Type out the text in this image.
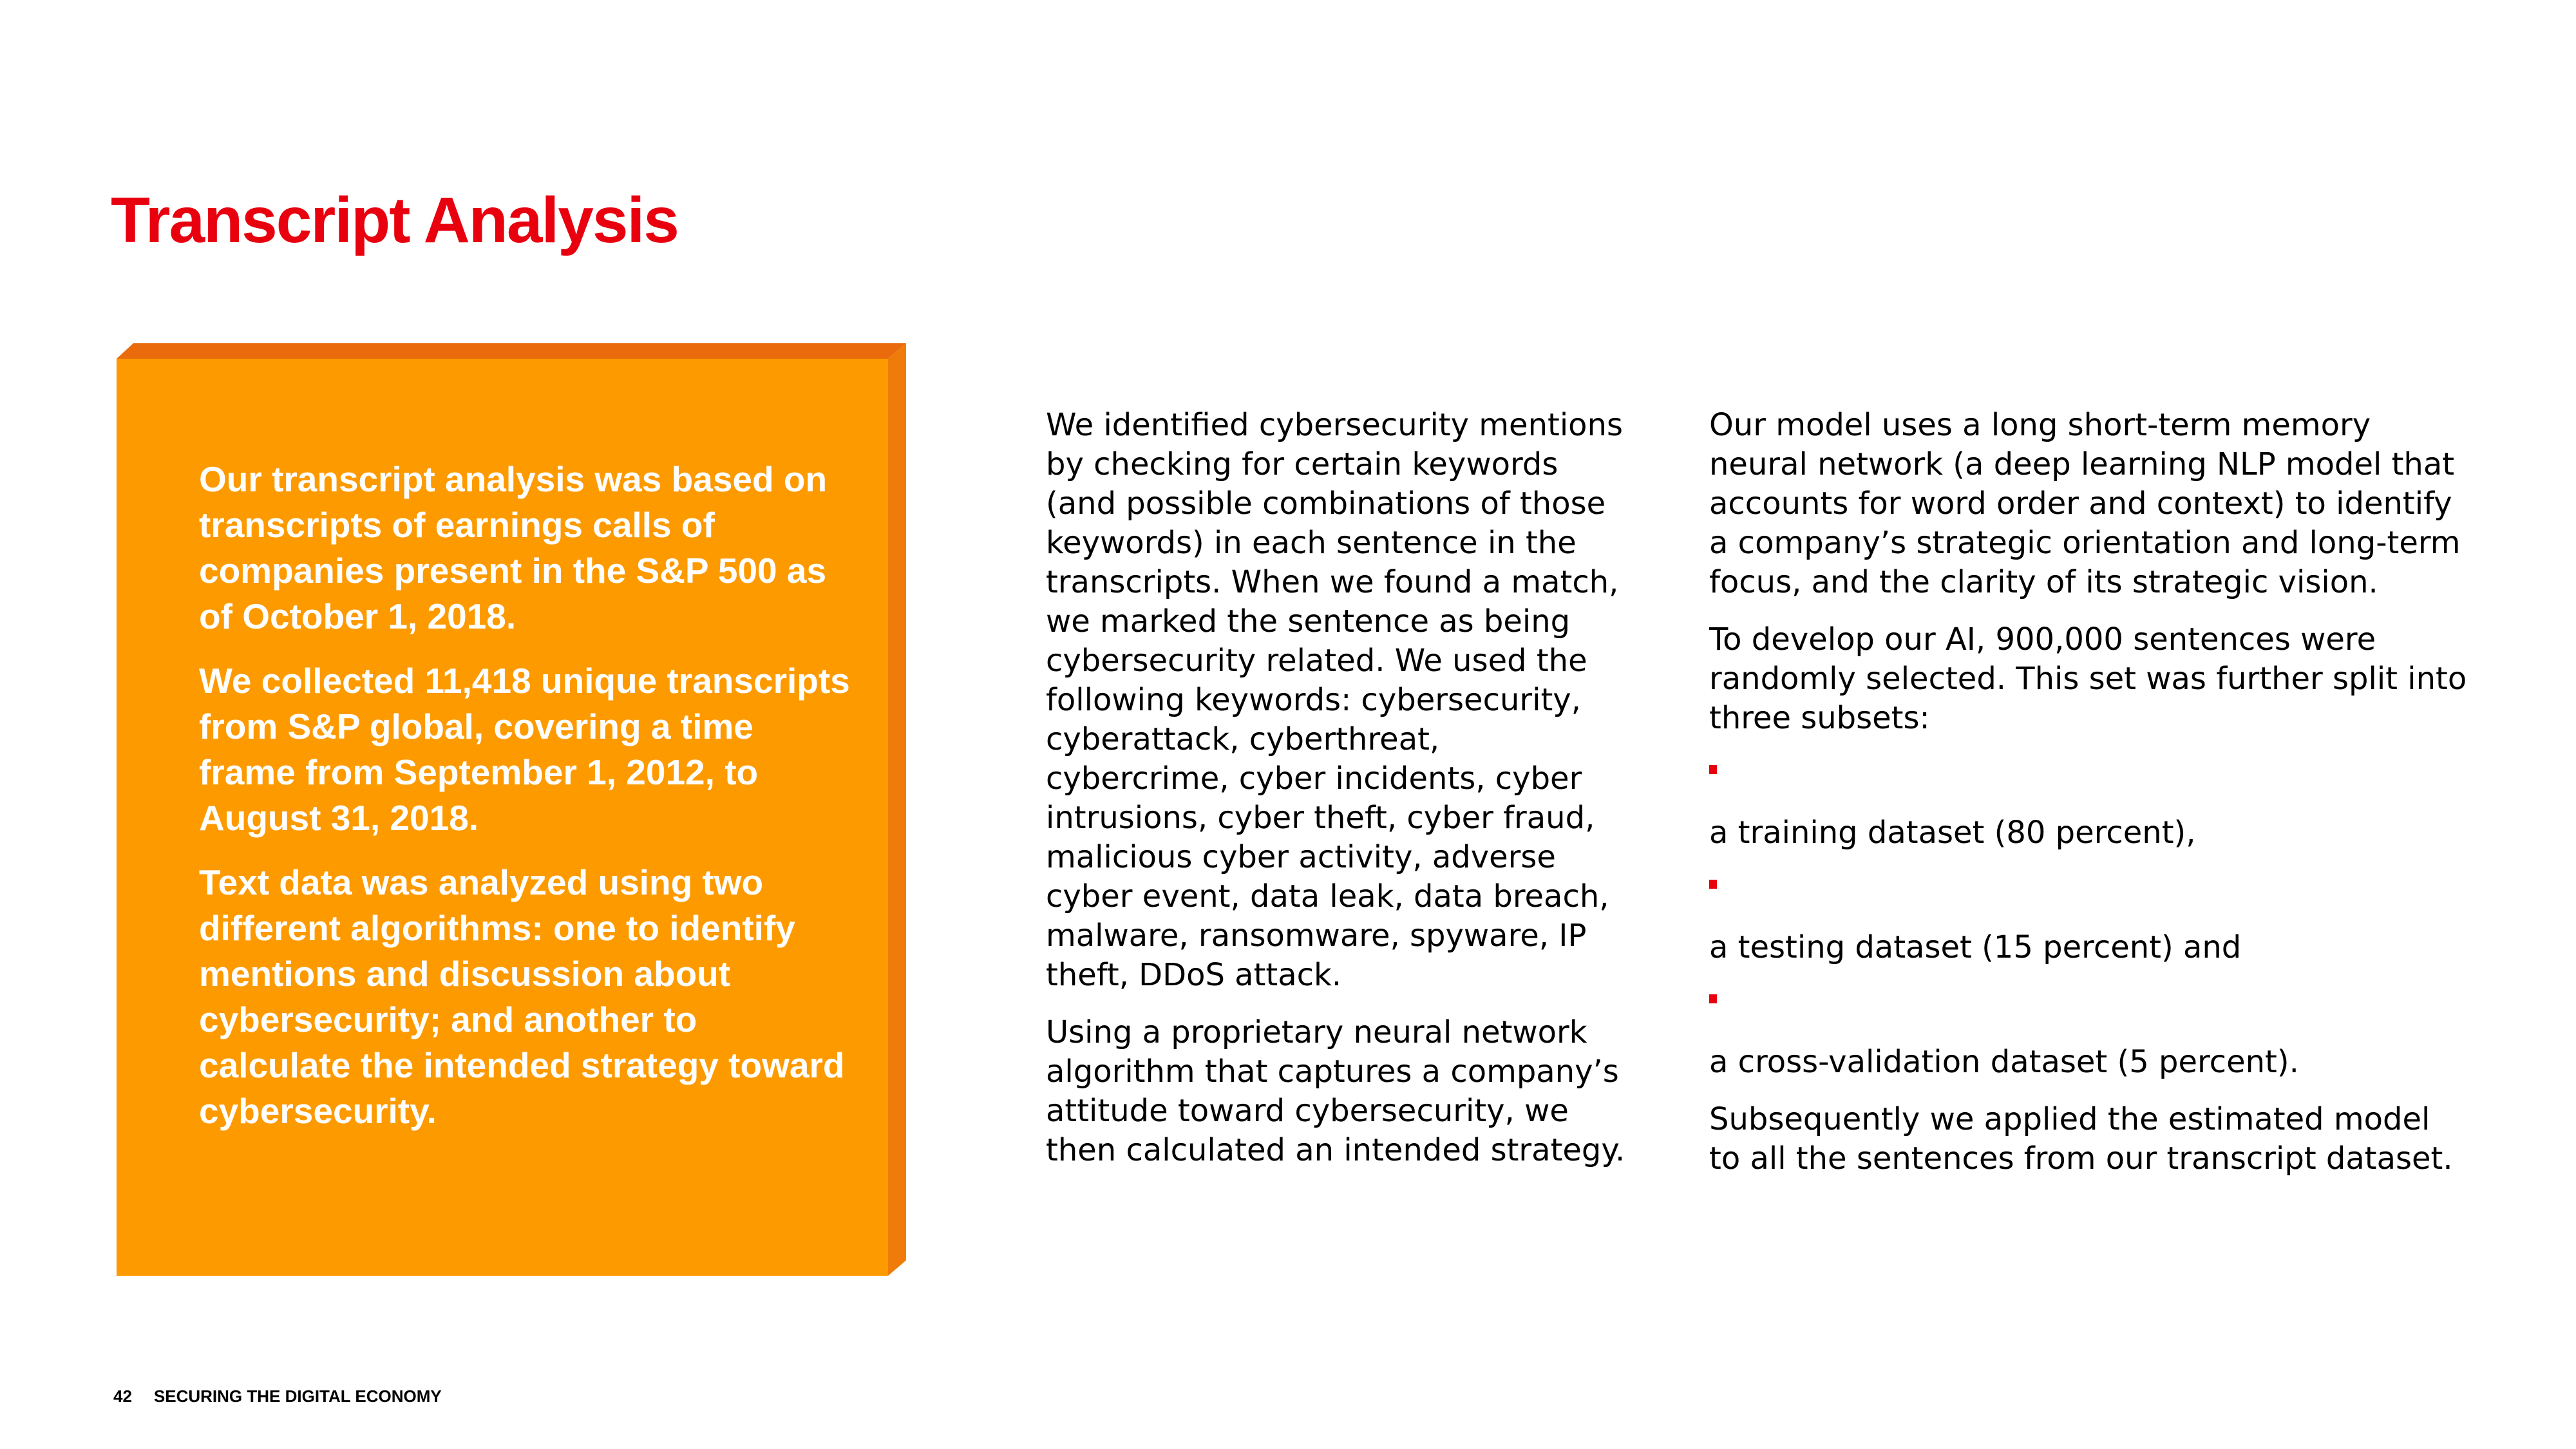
Transcript Analysis

Our transcript analysis was based on transcripts of earnings calls of companies present in the S&P 500 as of October 1, 2018.

We collected 11,418 unique transcripts from S&P global, covering a time frame from September 1, 2012, to August 31, 2018.

Text data was analyzed using two different algorithms: one to identify mentions and discussion about cybersecurity; and another to calculate the intended strategy toward cybersecurity.

We identified cybersecurity mentions by checking for certain keywords (and possible combinations of those keywords) in each sentence in the transcripts. When we found a match, we marked the sentence as being cybersecurity related. We used the following keywords: cybersecurity, cyberattack, cyberthreat, cybercrime, cyber incidents, cyber intrusions, cyber theft, cyber fraud, malicious cyber activity, adverse cyber event, data leak, data breach, malware, ransomware, spyware, IP theft, DDoS attack.

Using a proprietary neural network algorithm that captures a company’s attitude toward cybersecurity, we then calculated an intended strategy.

Our model uses a long short-term memory neural network (a deep learning NLP model that accounts for word order and context) to identify a company’s strategic orientation and long-term focus, and the clarity of its strategic vision.

To develop our AI, 900,000 sentences were randomly selected. This set was further split into three subsets:

a training dataset (80 percent),
a testing dataset (15 percent) and
a cross-validation dataset (5 percent).

Subsequently we applied the estimated model to all the sentences from our transcript dataset.

42 SECURING THE DIGITAL ECONOMY
